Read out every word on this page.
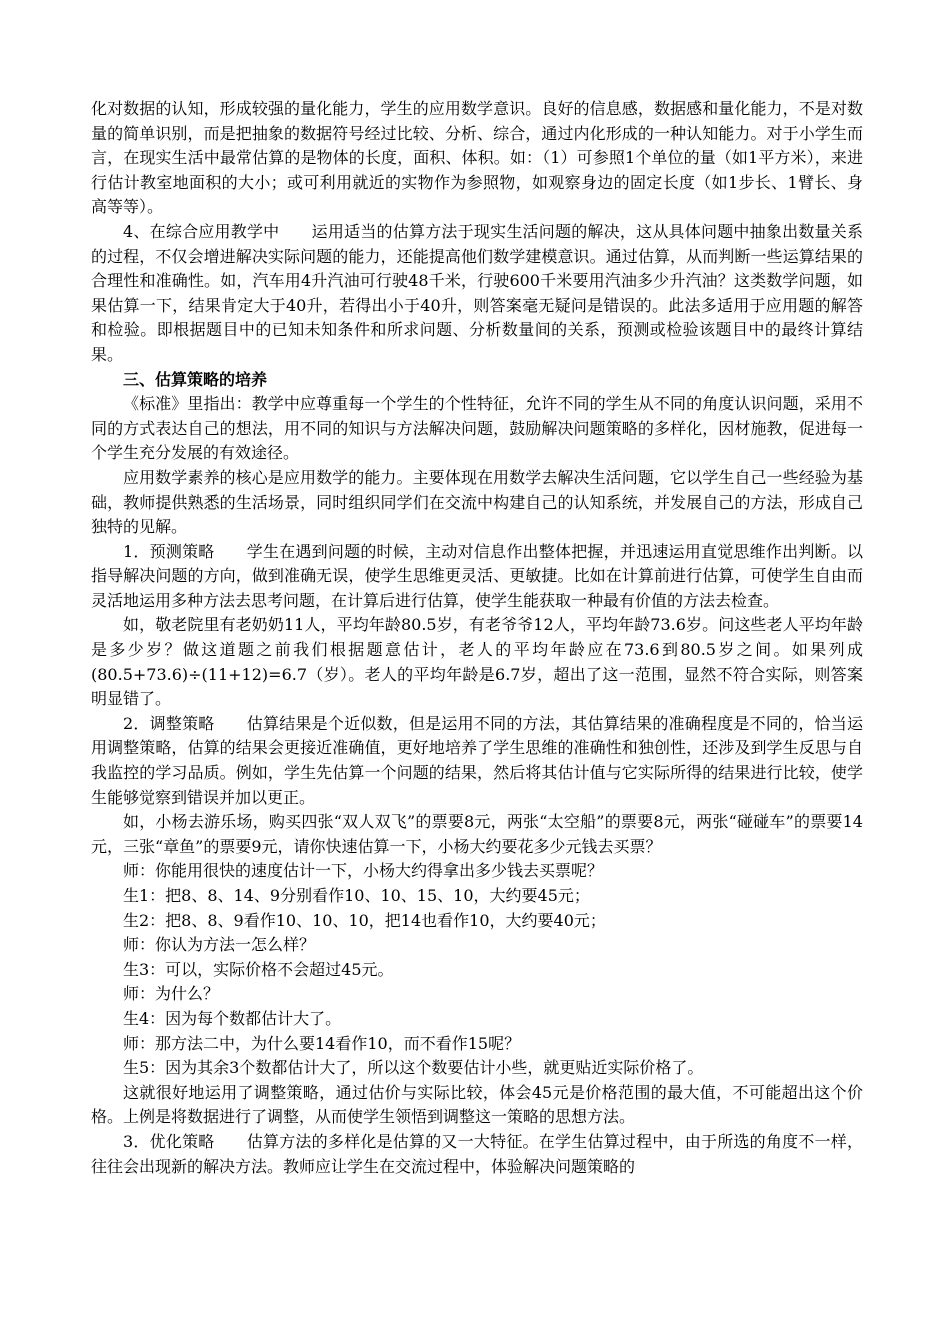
化对数据的认知，形成较强的量化能力，学生的应用数学意识。良好的信息感，数据感和量化能力，不是对数量的简单识别，而是把抽象的数据符号经过比较、分析、综合，通过内化形成的一种认知能力。对于小学生而言，在现实生活中最常估算的是物体的长度，面积、体积。如：（1）可参照1个单位的量（如1平方米），来进行估计教室地面积的大小；或可利用就近的实物作为参照物，如观察身边的固定长度（如1步长、1臂长、身高等等）。

4、在综合应用教学中 运用适当的估算方法于现实生活问题的解决，这从具体问题中抽象出数量关系的过程，不仅会增进解决实际问题的能力，还能提高他们数学建模意识。通过估算，从而判断一些运算结果的合理性和准确性。如，汽车用4升汽油可行驶48千米，行驶600千米要用汽油多少升汽油？这类数学问题，如果估算一下，结果肯定大于40升，若得出小于40升，则答案毫无疑问是错误的。此法多适用于应用题的解答和检验。即根据题目中的已知未知条件和所求问题、分析数量间的关系，预测或检验该题目中的最终计算结果。

三、估算策略的培养

《标准》里指出：教学中应尊重每一个学生的个性特征，允许不同的学生从不同的角度认识问题，采用不同的方式表达自己的想法，用不同的知识与方法解决问题，鼓励解决问题策略的多样化，因材施教，促进每一个学生充分发展的有效途径。

应用数学素养的核心是应用数学的能力。主要体现在用数学去解决生活问题，它以学生自己一些经验为基础，教师提供熟悉的生活场景，同时组织同学们在交流中构建自己的认知系统，并发展自己的方法，形成自己独特的见解。

1．预测策略 学生在遇到问题的时候，主动对信息作出整体把握，并迅速运用直觉思维作出判断。以指导解决问题的方向，做到准确无误，使学生思维更灵活、更敏捷。比如在计算前进行估算，可使学生自由而灵活地运用多种方法去思考问题，在计算后进行估算，使学生能获取一种最有价值的方法去检查。

如，敬老院里有老奶奶11人，平均年龄80.5岁，有老爷爷12人，平均年龄73.6岁。问这些老人平均年龄是多少岁？做这道题之前我们根据题意估计，老人的平均年龄应在73.6到80.5岁之间。如果列成(80.5+73.6)÷(11+12)=6.7（岁）。老人的平均年龄是6.7岁，超出了这一范围，显然不符合实际，则答案明显错了。

2．调整策略 估算结果是个近似数，但是运用不同的方法，其估算结果的准确程度是不同的，恰当运用调整策略，估算的结果会更接近准确值，更好地培养了学生思维的准确性和独创性，还涉及到学生反思与自我监控的学习品质。例如，学生先估算一个问题的结果，然后将其估计值与它实际所得的结果进行比较，使学生能够觉察到错误并加以更正。

如，小杨去游乐场，购买四张“双人双飞”的票要8元，两张“太空船”的票要8元，两张“碰碰车”的票要14元，三张“章鱼”的票要9元，请你快速估算一下，小杨大约要花多少元钱去买票？

师：你能用很快的速度估计一下，小杨大约得拿出多少钱去买票呢？

生1：把8、8、14、9分别看作10、10、15、10，大约要45元；

生2：把8、8、9看作10、10、10，把14也看作10，大约要40元；

师：你认为方法一怎么样？

生3：可以，实际价格不会超过45元。

师：为什么？

生4：因为每个数都估计大了。

师：那方法二中，为什么要14看作10，而不看作15呢？

生5：因为其余3个数都估计大了，所以这个数要估计小些，就更贴近实际价格了。

这就很好地运用了调整策略，通过估价与实际比较，体会45元是价格范围的最大值，不可能超出这个价格。上例是将数据进行了调整，从而使学生领悟到调整这一策略的思想方法。

3．优化策略 估算方法的多样化是估算的又一大特征。在学生估算过程中，由于所选的角度不一样，往往会出现新的解决方法。教师应让学生在交流过程中，体验解决问题策略的
